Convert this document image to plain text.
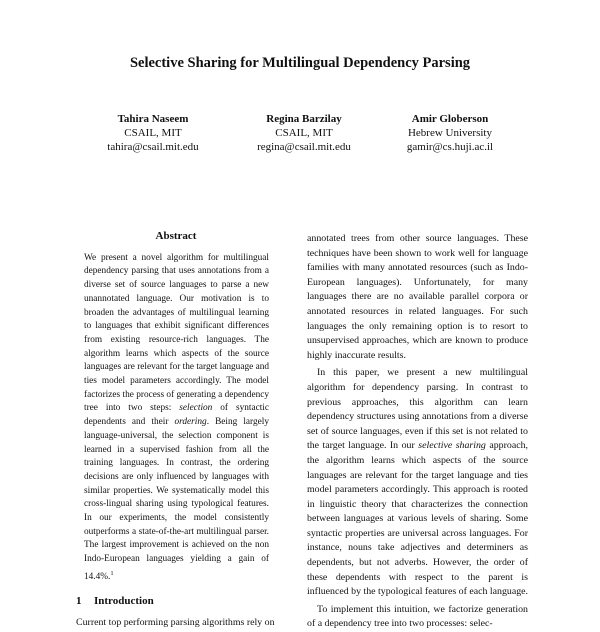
Selective Sharing for Multilingual Dependency Parsing
Tahira Naseem
CSAIL, MIT
tahira@csail.mit.edu
Regina Barzilay
CSAIL, MIT
regina@csail.mit.edu
Amir Globerson
Hebrew University
gamir@cs.huji.ac.il
Abstract

We present a novel algorithm for multilingual dependency parsing that uses annotations from a diverse set of source languages to parse a new unannotated language. Our motivation is to broaden the advantages of multilingual learning to languages that exhibit significant differences from existing resource-rich languages. The algorithm learns which aspects of the source languages are relevant for the target language and ties model parameters accordingly. The model factorizes the process of generating a dependency tree into two steps: selection of syntactic dependents and their ordering. Being largely language-universal, the selection component is learned in a supervised fashion from all the training languages. In contrast, the ordering decisions are only influenced by languages with similar properties. We systematically model this cross-lingual sharing using typological features. In our experiments, the model consistently outperforms a state-of-the-art multilingual parser. The largest improvement is achieved on the non Indo-European languages yielding a gain of 14.4%.$^1$

1 Introduction

Current top performing parsing algorithms rely on

annotated trees from other source languages. These techniques have been shown to work well for language families with many annotated resources (such as Indo-European languages). Unfortunately, for many languages there are no available parallel corpora or annotated resources in related languages. For such languages the only remaining option is to resort to unsupervised approaches, which are known to produce highly inaccurate results.

In this paper, we present a new multilingual algorithm for dependency parsing. In contrast to previous approaches, this algorithm can learn dependency structures using annotations from a diverse set of source languages, even if this set is not related to the target language. In our selective sharing approach, the algorithm learns which aspects of the source languages are relevant for the target language and ties model parameters accordingly. This approach is rooted in linguistic theory that characterizes the connection between languages at various levels of sharing. Some syntactic properties are universal across languages. For instance, nouns take adjectives and determiners as dependents, but not adverbs. However, the order of these dependents with respect to the parent is influenced by the typological features of each language.

To implement this intuition, we factorize generation of a dependency tree into two processes: selec-
